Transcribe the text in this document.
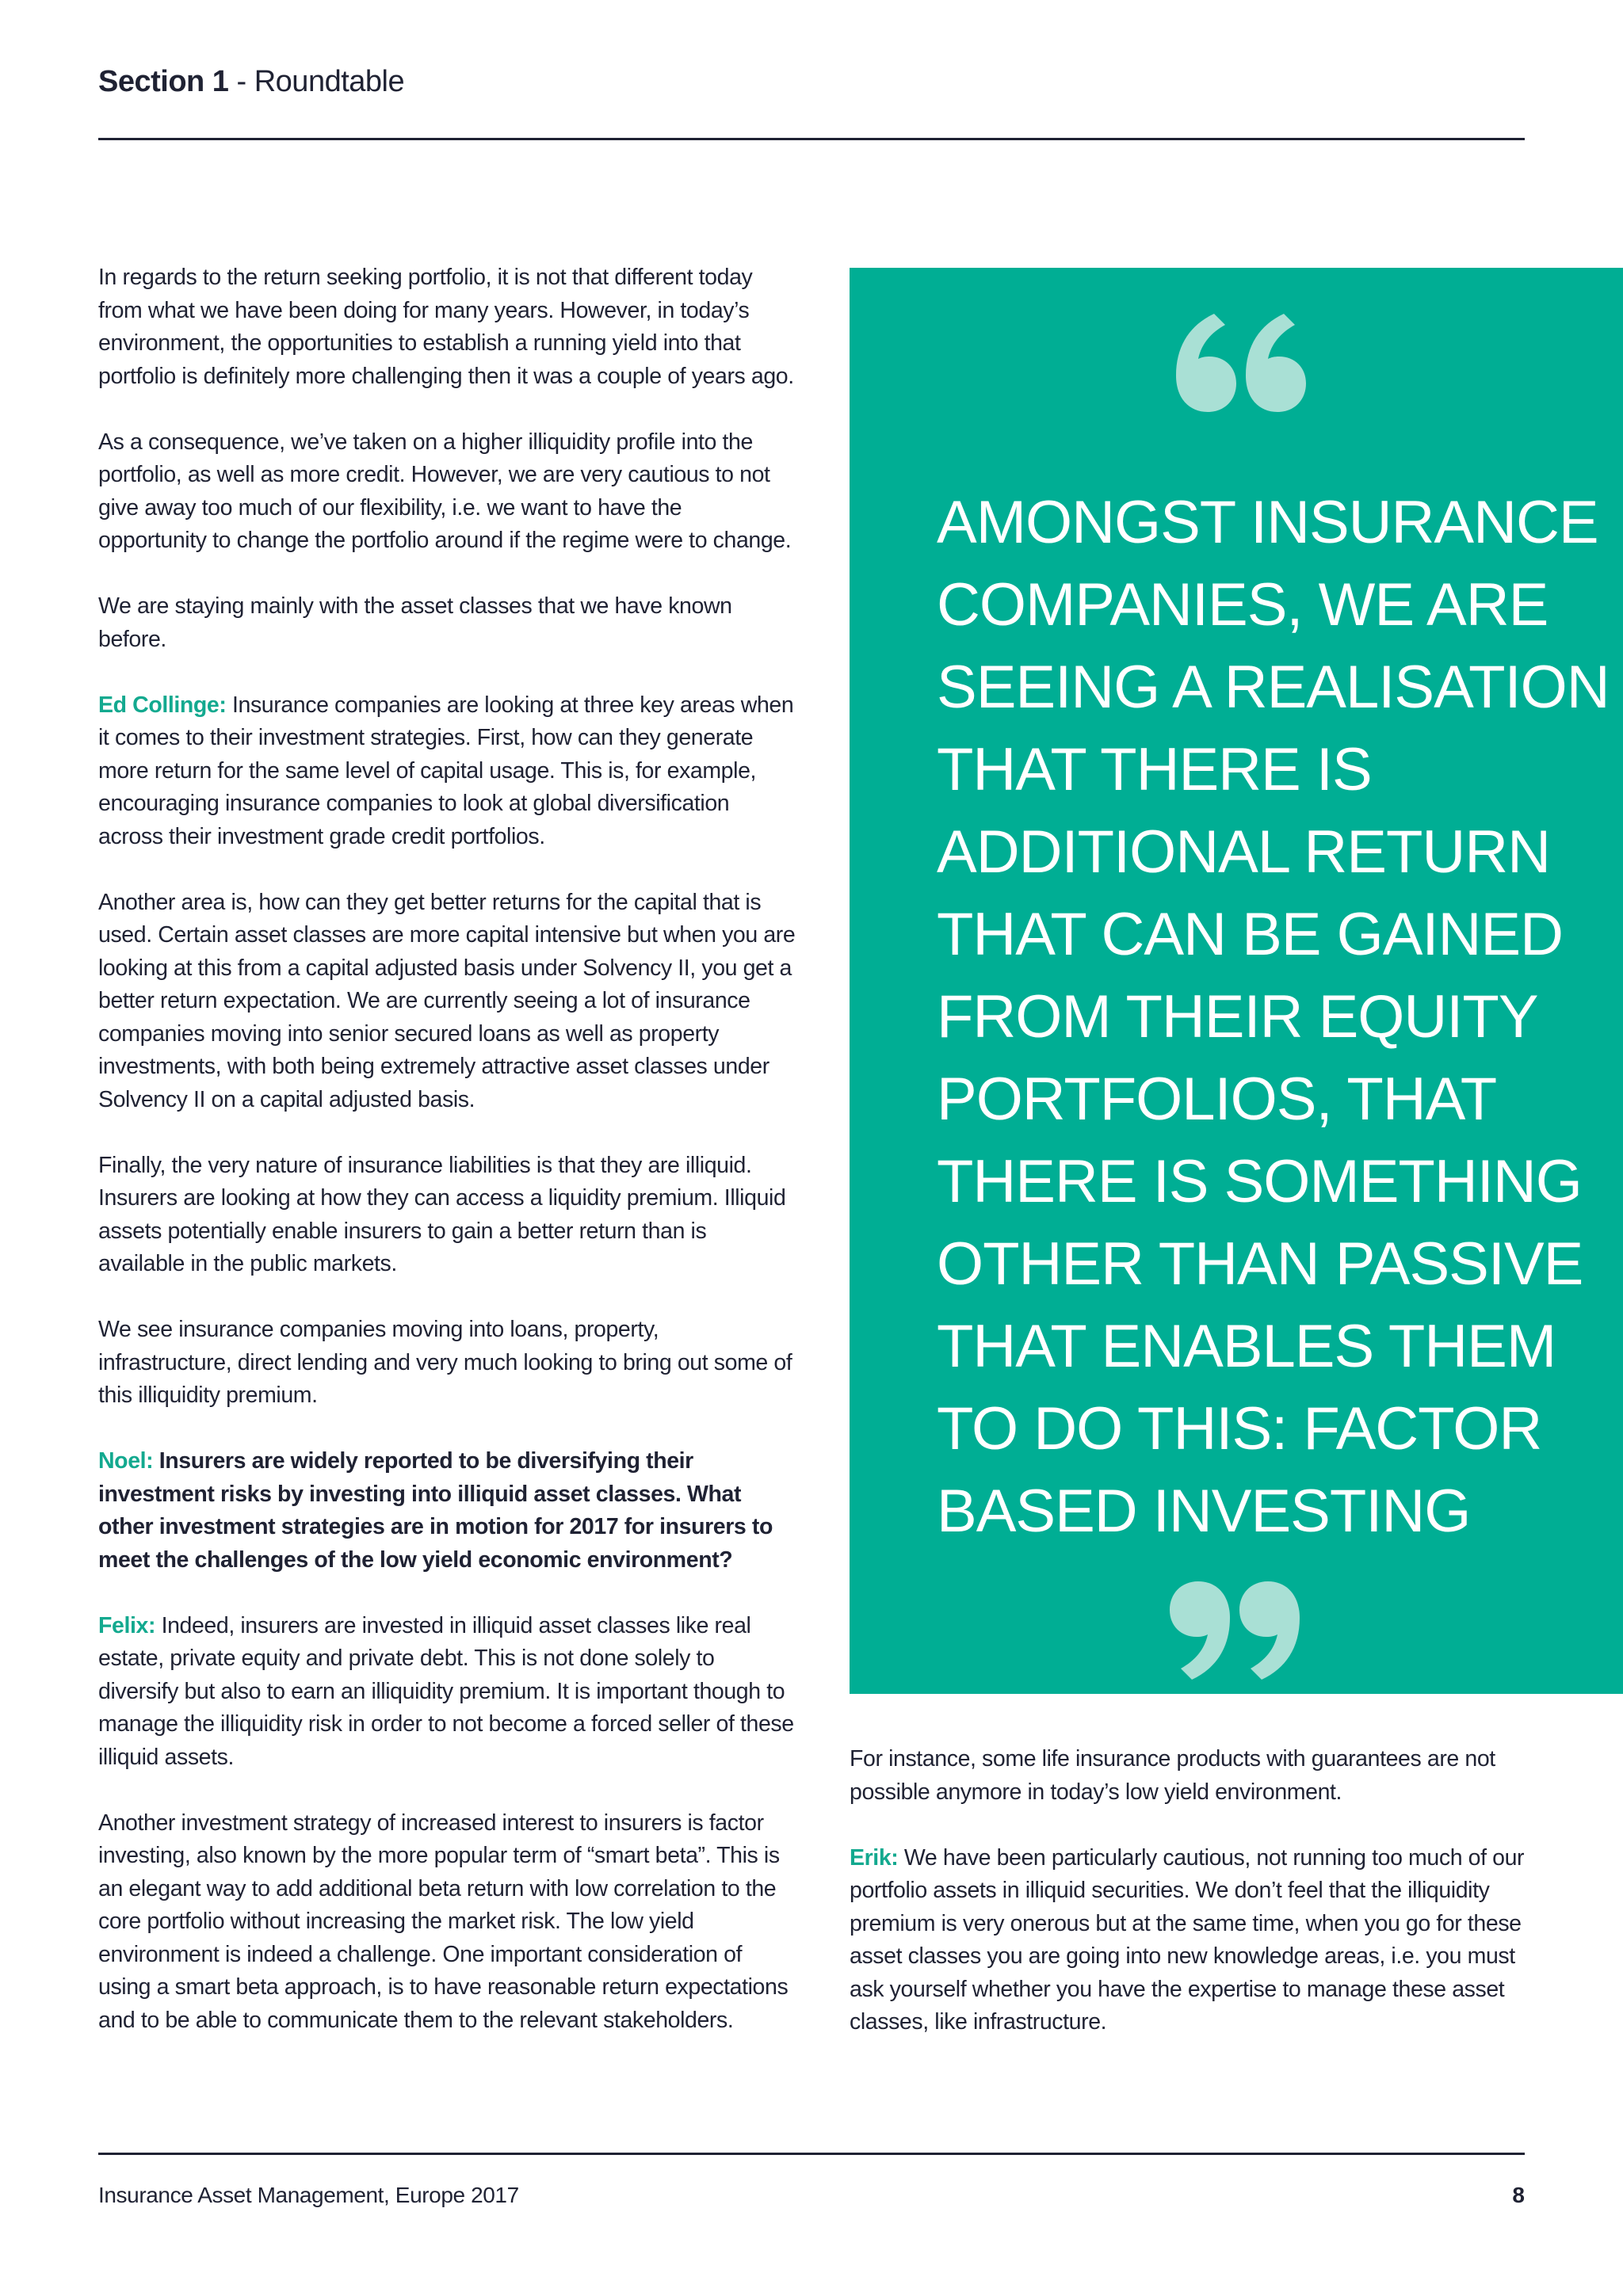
Section 1 - Roundtable

In regards to the return seeking portfolio, it is not that different today from what we have been doing for many years. However, in today’s environment, the opportunities to establish a running yield into that portfolio is definitely more challenging then it was a couple of years ago.

As a consequence, we’ve taken on a higher illiquidity profile into the portfolio, as well as more credit. However, we are very cautious to not give away too much of our flexibility, i.e. we want to have the opportunity to change the portfolio around if the regime were to change.

We are staying mainly with the asset classes that we have known before.

Ed Collinge: Insurance companies are looking at three key areas when it comes to their investment strategies. First, how can they generate more return for the same level of capital usage. This is, for example, encouraging insurance companies to look at global diversification across their investment grade credit portfolios.

Another area is, how can they get better returns for the capital that is used. Certain asset classes are more capital intensive but when you are looking at this from a capital adjusted basis under Solvency II, you get a better return expectation. We are currently seeing a lot of insurance companies moving into senior secured loans as well as property investments, with both being extremely attractive asset classes under Solvency II on a capital adjusted basis.

Finally, the very nature of insurance liabilities is that they are illiquid. Insurers are looking at how they can access a liquidity premium. Illiquid assets potentially enable insurers to gain a better return than is available in the public markets.

We see insurance companies moving into loans, property, infrastructure, direct lending and very much looking to bring out some of this illiquidity premium.

Noel: Insurers are widely reported to be diversifying their investment risks by investing into illiquid asset classes. What other investment strategies are in motion for 2017 for insurers to meet the challenges of the low yield economic environment?

Felix: Indeed, insurers are invested in illiquid asset classes like real estate, private equity and private debt. This is not done solely to diversify but also to earn an illiquidity premium. It is important though to manage the illiquidity risk in order to not become a forced seller of these illiquid assets.

Another investment strategy of increased interest to insurers is factor investing, also known by the more popular term of “smart beta”. This is an elegant way to add additional beta return with low correlation to the core portfolio without increasing the market risk. The low yield environment is indeed a challenge. One important consideration of using a smart beta approach, is to have reasonable return expectations and to be able to communicate them to the relevant stakeholders.

AMONGST INSURANCE
COMPANIES, WE ARE
SEEING A REALISATION
THAT THERE IS
ADDITIONAL RETURN
THAT CAN BE GAINED
FROM THEIR EQUITY
PORTFOLIOS, THAT
THERE IS SOMETHING
OTHER THAN PASSIVE
THAT ENABLES THEM
TO DO THIS: FACTOR
BASED INVESTING

For instance, some life insurance products with guarantees are not possible anymore in today’s low yield environment.

Erik: We have been particularly cautious, not running too much of our portfolio assets in illiquid securities. We don’t feel that the illiquidity premium is very onerous but at the same time, when you go for these asset classes you are going into new knowledge areas, i.e. you must ask yourself whether you have the expertise to manage these asset classes, like infrastructure.

Insurance Asset Management, Europe 2017	8
